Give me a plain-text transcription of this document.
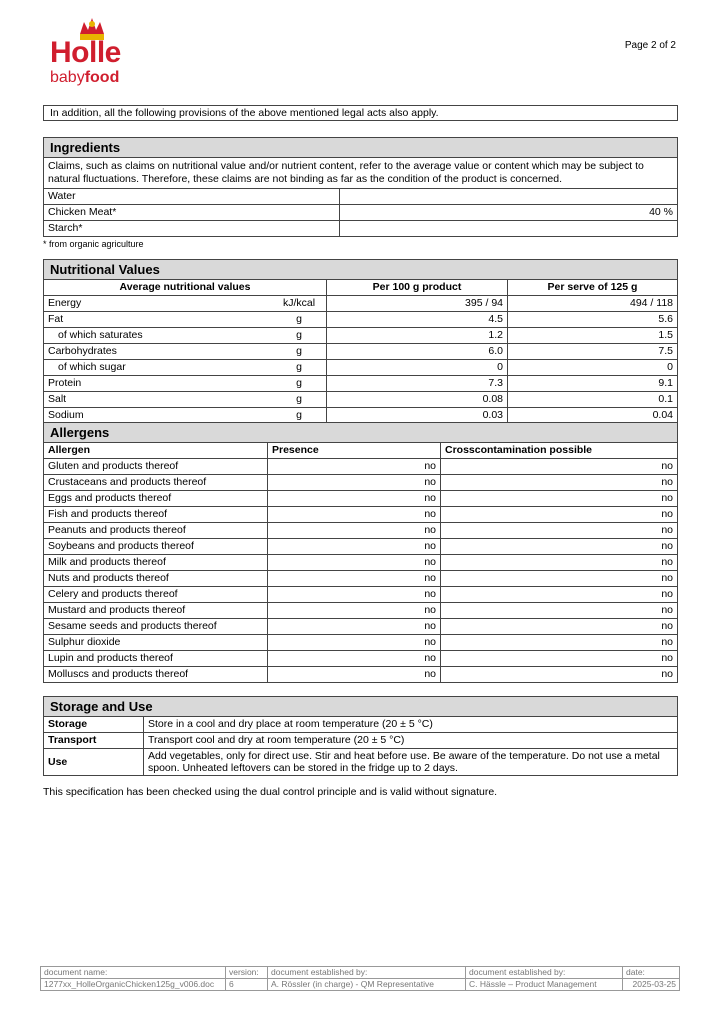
Holle
babyfood
Page 2 of 2
In addition, all the following provisions of the above mentioned legal acts also apply.
Ingredients
Claims, such as claims on nutritional value and/or nutrient content, refer to the average value or content which may be subject to natural fluctuations. Therefore, these claims are not binding as far as the condition of the product is concerned.
Water	
Chicken Meat*	40 %
Starch*	
* from organic agriculture
Nutritional Values
Average nutritional values		Per 100 g product	Per serve of 125 g
Energy	kJ/kcal	395 / 94	494 / 118
Fat	g	4.5	5.6
of which saturates	g	1.2	1.5
Carbohydrates	g	6.0	7.5
of which sugar	g	0	0
Protein	g	7.3	9.1
Salt	g	0.08	0.1
Sodium	g	0.03	0.04
Allergens
Allergen	Presence	Crosscontamination possible
Gluten and products thereof	no	no
Crustaceans and products thereof	no	no
Eggs and products thereof	no	no
Fish and products thereof	no	no
Peanuts and products thereof	no	no
Soybeans and products thereof	no	no
Milk and products thereof	no	no
Nuts and products thereof	no	no
Celery and products thereof	no	no
Mustard and products thereof	no	no
Sesame seeds and products thereof	no	no
Sulphur dioxide	no	no
Lupin and products thereof	no	no
Molluscs and products thereof	no	no
Storage and Use
Storage	Store in a cool and dry place at room temperature (20 ± 5 °C)
Transport	Transport cool and dry at room temperature (20 ± 5 °C)
Use	Add vegetables, only for direct use. Stir and heat before use. Be aware of the temperature. Do not use a metal spoon. Unheated leftovers can be stored in the fridge up to 2 days.
This specification has been checked using the dual control principle and is valid without signature.
document name:	version:	document established by:	document established by:	date:
1277xx_HolleOrganicChicken125g_v006.doc	6	A. Rössler (in charge) - QM Representative	C. Hässle – Product Management	2025-03-25
